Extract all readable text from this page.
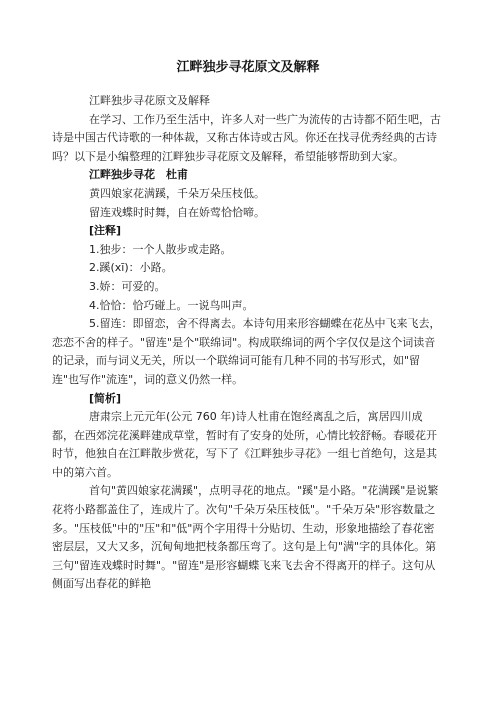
江畔独步寻花原文及解释

江畔独步寻花原文及解释

在学习、工作乃至生活中，许多人对一些广为流传的古诗都不陌生吧，古诗是中国古代诗歌的一种体裁，又称古体诗或古风。你还在找寻优秀经典的古诗吗？以下是小编整理的江畔独步寻花原文及解释，希望能够帮助到大家。

江畔独步寻花　杜甫

黄四娘家花满蹊，千朵万朵压枝低。

留连戏蝶时时舞，自在娇莺恰恰啼。

[注释]

1.独步：一个人散步或走路。

2.蹊(xī)：小路。

3.娇：可爱的。

4.恰恰：恰巧碰上。一说鸟叫声。

5.留连：即留恋，舍不得离去。本诗句用来形容蝴蝶在花丛中飞来飞去，恋恋不舍的样子。"留连"是个"联绵词"。构成联绵词的两个字仅仅是这个词读音的记录，而与词义无关，所以一个联绵词可能有几种不同的书写形式，如"留连"也写作"流连"，词的意义仍然一样。

[简析]

唐肃宗上元元年(公元 760 年)诗人杜甫在饱经离乱之后，寓居四川成都，在西郊浣花溪畔建成草堂，暂时有了安身的处所，心情比较舒畅。春暖花开时节，他独自在江畔散步赏花，写下了《江畔独步寻花》一组七首绝句，这是其中的第六首。

首句"黄四娘家花满蹊"，点明寻花的地点。"蹊"是小路。"花满蹊"是说繁花将小路都盖住了，连成片了。次句"千朵万朵压枝低"。"千朵万朵"形容数量之多。"压枝低"中的"压"和"低"两个字用得十分贴切、生动，形象地描绘了春花密密层层，又大又多，沉甸甸地把枝条都压弯了。这句是上句"满"字的具体化。第三句"留连戏蝶时时舞"。"留连"是形容蝴蝶飞来飞去舍不得离开的样子。这句从侧面写出春花的鲜艳
